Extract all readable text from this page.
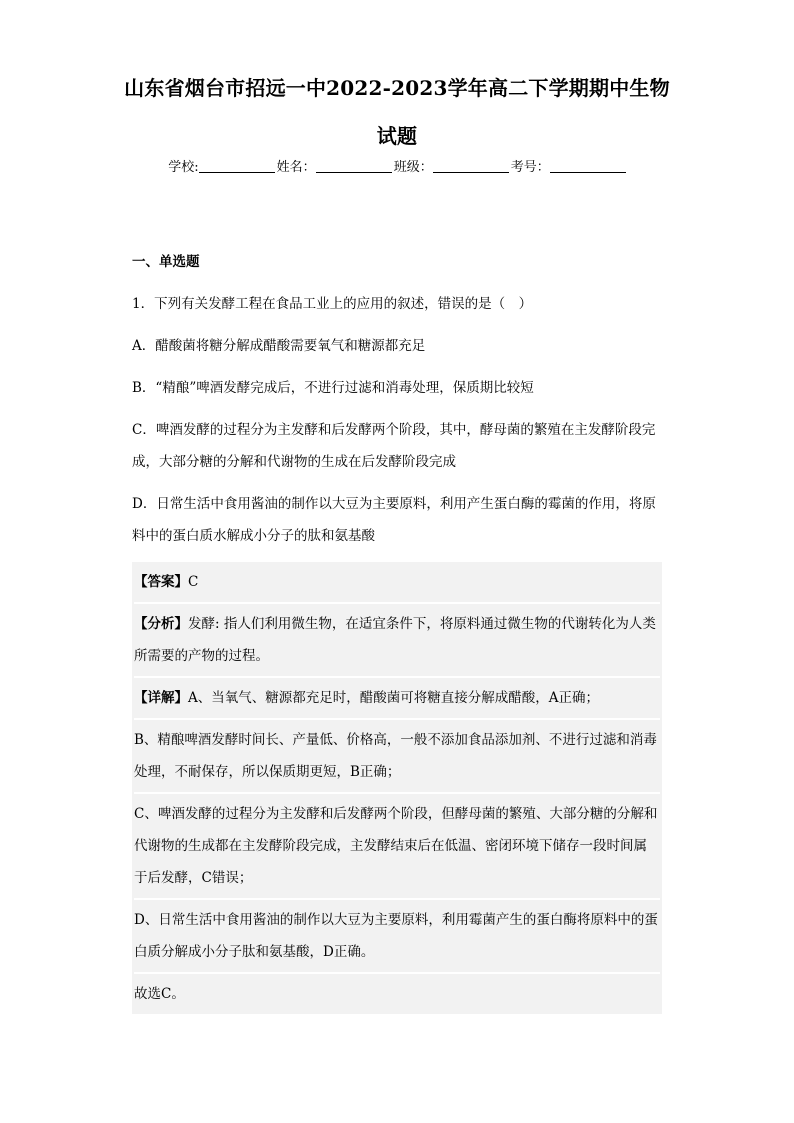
山东省烟台市招远一中2022-2023学年高二下学期期中生物
试题
学校:	姓名：	班级：	考号：
一、单选题
1．下列有关发酵工程在食品工业上的应用的叙述，错误的是（　）
A．醋酸菌将糖分解成醋酸需要氧气和糖源都充足
B．“精酿”啤酒发酵完成后，不进行过滤和消毒处理，保质期比较短
C．啤酒发酵的过程分为主发酵和后发酵两个阶段，其中，酵母菌的繁殖在主发酵阶段完成，大部分糖的分解和代谢物的生成在后发酵阶段完成
D．日常生活中食用酱油的制作以大豆为主要原料，利用产生蛋白酶的霉菌的作用，将原料中的蛋白质水解成小分子的肽和氨基酸
【答案】C
【分析】发酵: 指人们利用微生物，在适宜条件下，将原料通过微生物的代谢转化为人类所需要的产物的过程。
【详解】A、当氧气、糖源都充足时，醋酸菌可将糖直接分解成醋酸，A正确；
B、精酿啤酒发酵时间长、产量低、价格高，一般不添加食品添加剂、不进行过滤和消毒处理，不耐保存，所以保质期更短，B正确；
C、啤酒发酵的过程分为主发酵和后发酵两个阶段，但酵母菌的繁殖、大部分糖的分解和代谢物的生成都在主发酵阶段完成，主发酵结束后在低温、密闭环境下储存一段时间属于后发酵，C错误；
D、日常生活中食用酱油的制作以大豆为主要原料，利用霉菌产生的蛋白酶将原料中的蛋白质分解成小分子肽和氨基酸，D正确。
故选C。
